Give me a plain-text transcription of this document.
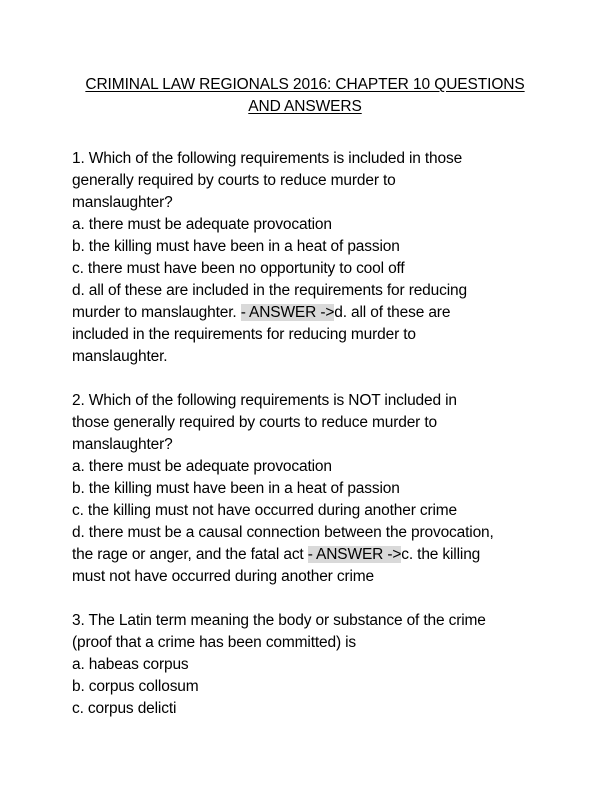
CRIMINAL LAW REGIONALS 2016: CHAPTER 10 QUESTIONS
AND ANSWERS
1. Which of the following requirements is included in those
generally required by courts to reduce murder to
manslaughter?
a. there must be adequate provocation
b. the killing must have been in a heat of passion
c. there must have been no opportunity to cool off
d. all of these are included in the requirements for reducing
murder to manslaughter. - ANSWER ->d. all of these are
included in the requirements for reducing murder to
manslaughter.
2. Which of the following requirements is NOT included in
those generally required by courts to reduce murder to
manslaughter?
a. there must be adequate provocation
b. the killing must have been in a heat of passion
c. the killing must not have occurred during another crime
d. there must be a causal connection between the provocation,
the rage or anger, and the fatal act - ANSWER ->c. the killing
must not have occurred during another crime
3. The Latin term meaning the body or substance of the crime
(proof that a crime has been committed) is
a. habeas corpus
b. corpus collosum
c. corpus delicti
